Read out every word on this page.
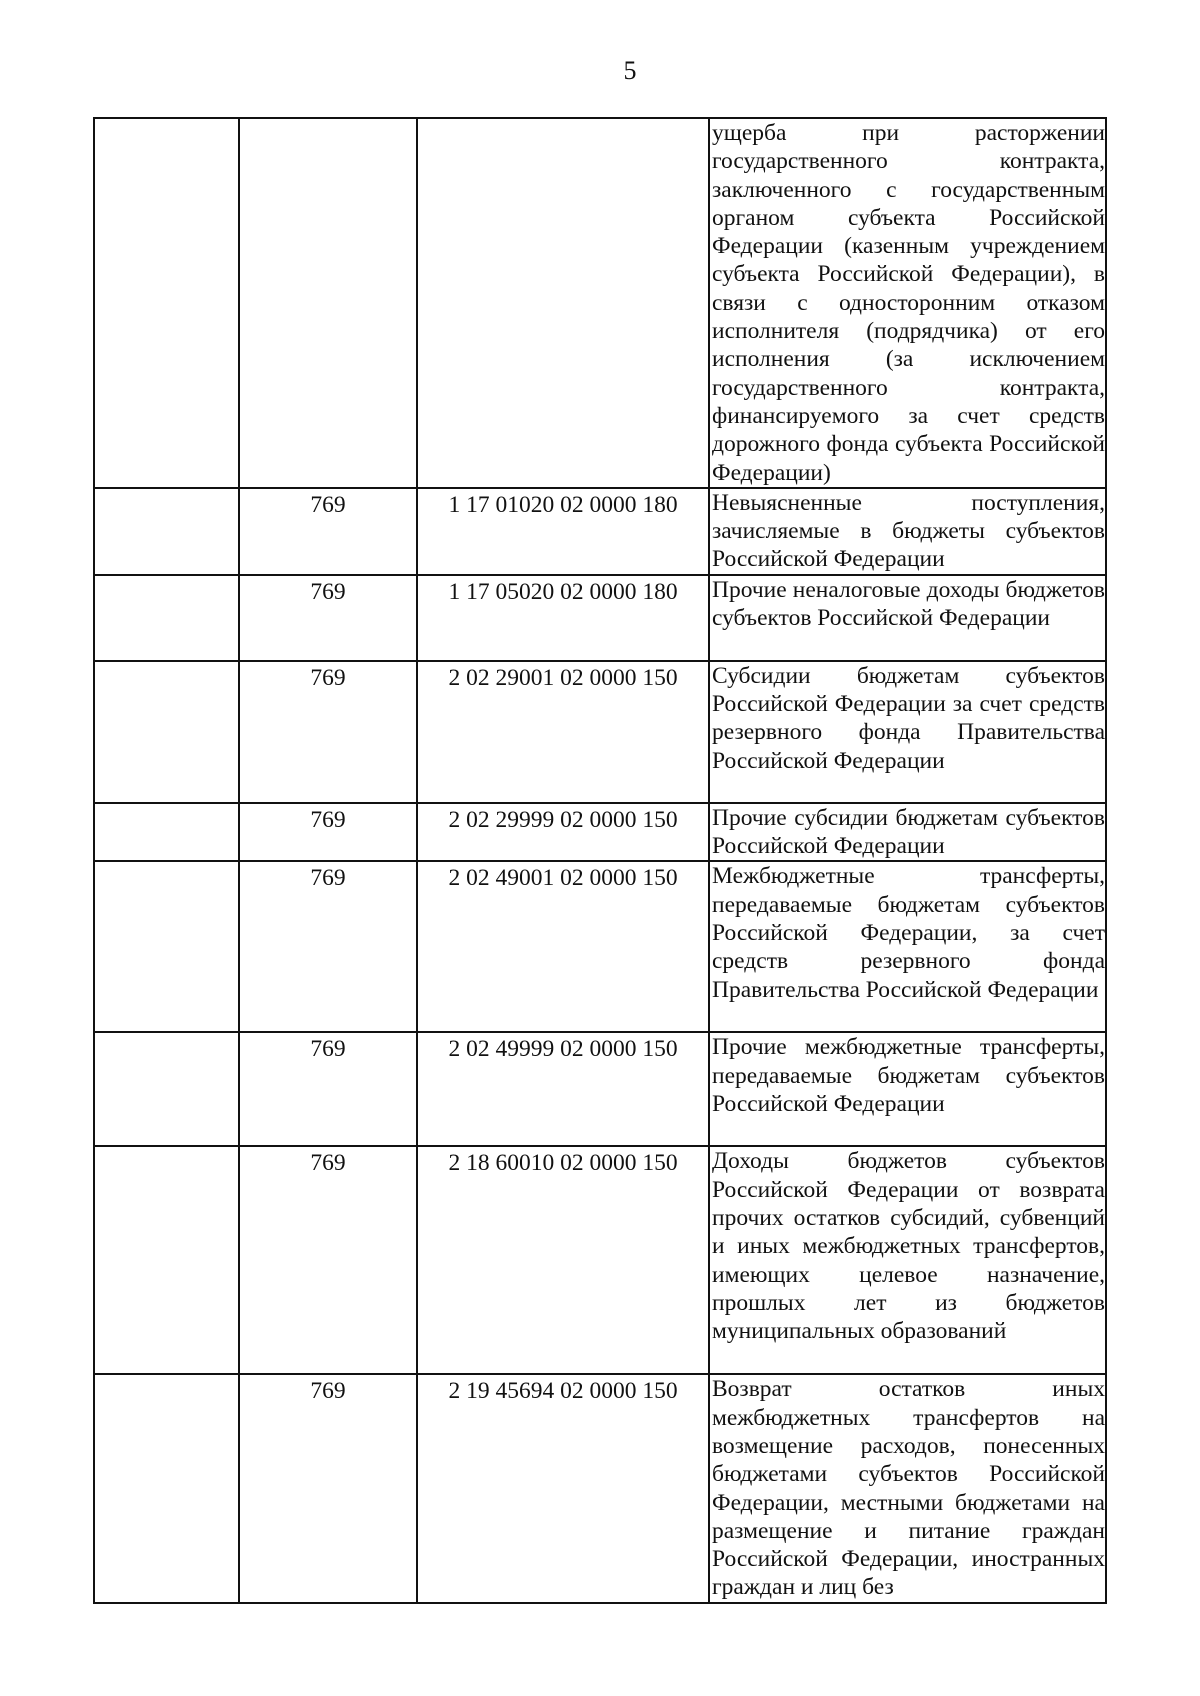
5

			ущерба при расторжении государственного контракта, заключенного с государственным органом субъекта Российской Федерации (казенным учреждением субъекта Российской Федерации), в связи с односторонним отказом исполнителя (подрядчика) от его исполнения (за исключением государственного контракта, финансируемого за счет средств дорожного фонда субъекта Российской Федерации)

	769	1 17 01020 02 0000 180	Невыясненные поступления, зачисляемые в бюджеты субъектов Российской Федерации

	769	1 17 05020 02 0000 180	Прочие неналоговые доходы бюджетов субъектов Российской Федерации

	769	2 02 29001 02 0000 150	Субсидии бюджетам субъектов Российской Федерации за счет средств резервного фонда Правительства Российской Федерации

	769	2 02 29999 02 0000 150	Прочие субсидии бюджетам субъектов Российской Федерации

	769	2 02 49001 02 0000 150	Межбюджетные трансферты, передаваемые бюджетам субъектов Российской Федерации, за счет средств резервного фонда Правительства Российской Федерации

	769	2 02 49999 02 0000 150	Прочие межбюджетные трансферты, передаваемые бюджетам субъектов Российской Федерации

	769	2 18 60010 02 0000 150	Доходы бюджетов субъектов Российской Федерации от возврата прочих остатков субсидий, субвенций и иных межбюджетных трансфертов, имеющих целевое назначение, прошлых лет из бюджетов муниципальных образований

	769	2 19 45694 02 0000 150	Возврат остатков иных межбюджетных трансфертов на возмещение расходов, понесенных бюджетами субъектов Российской Федерации, местными бюджетами на размещение и питание граждан Российской Федерации, иностранных граждан и лиц без
